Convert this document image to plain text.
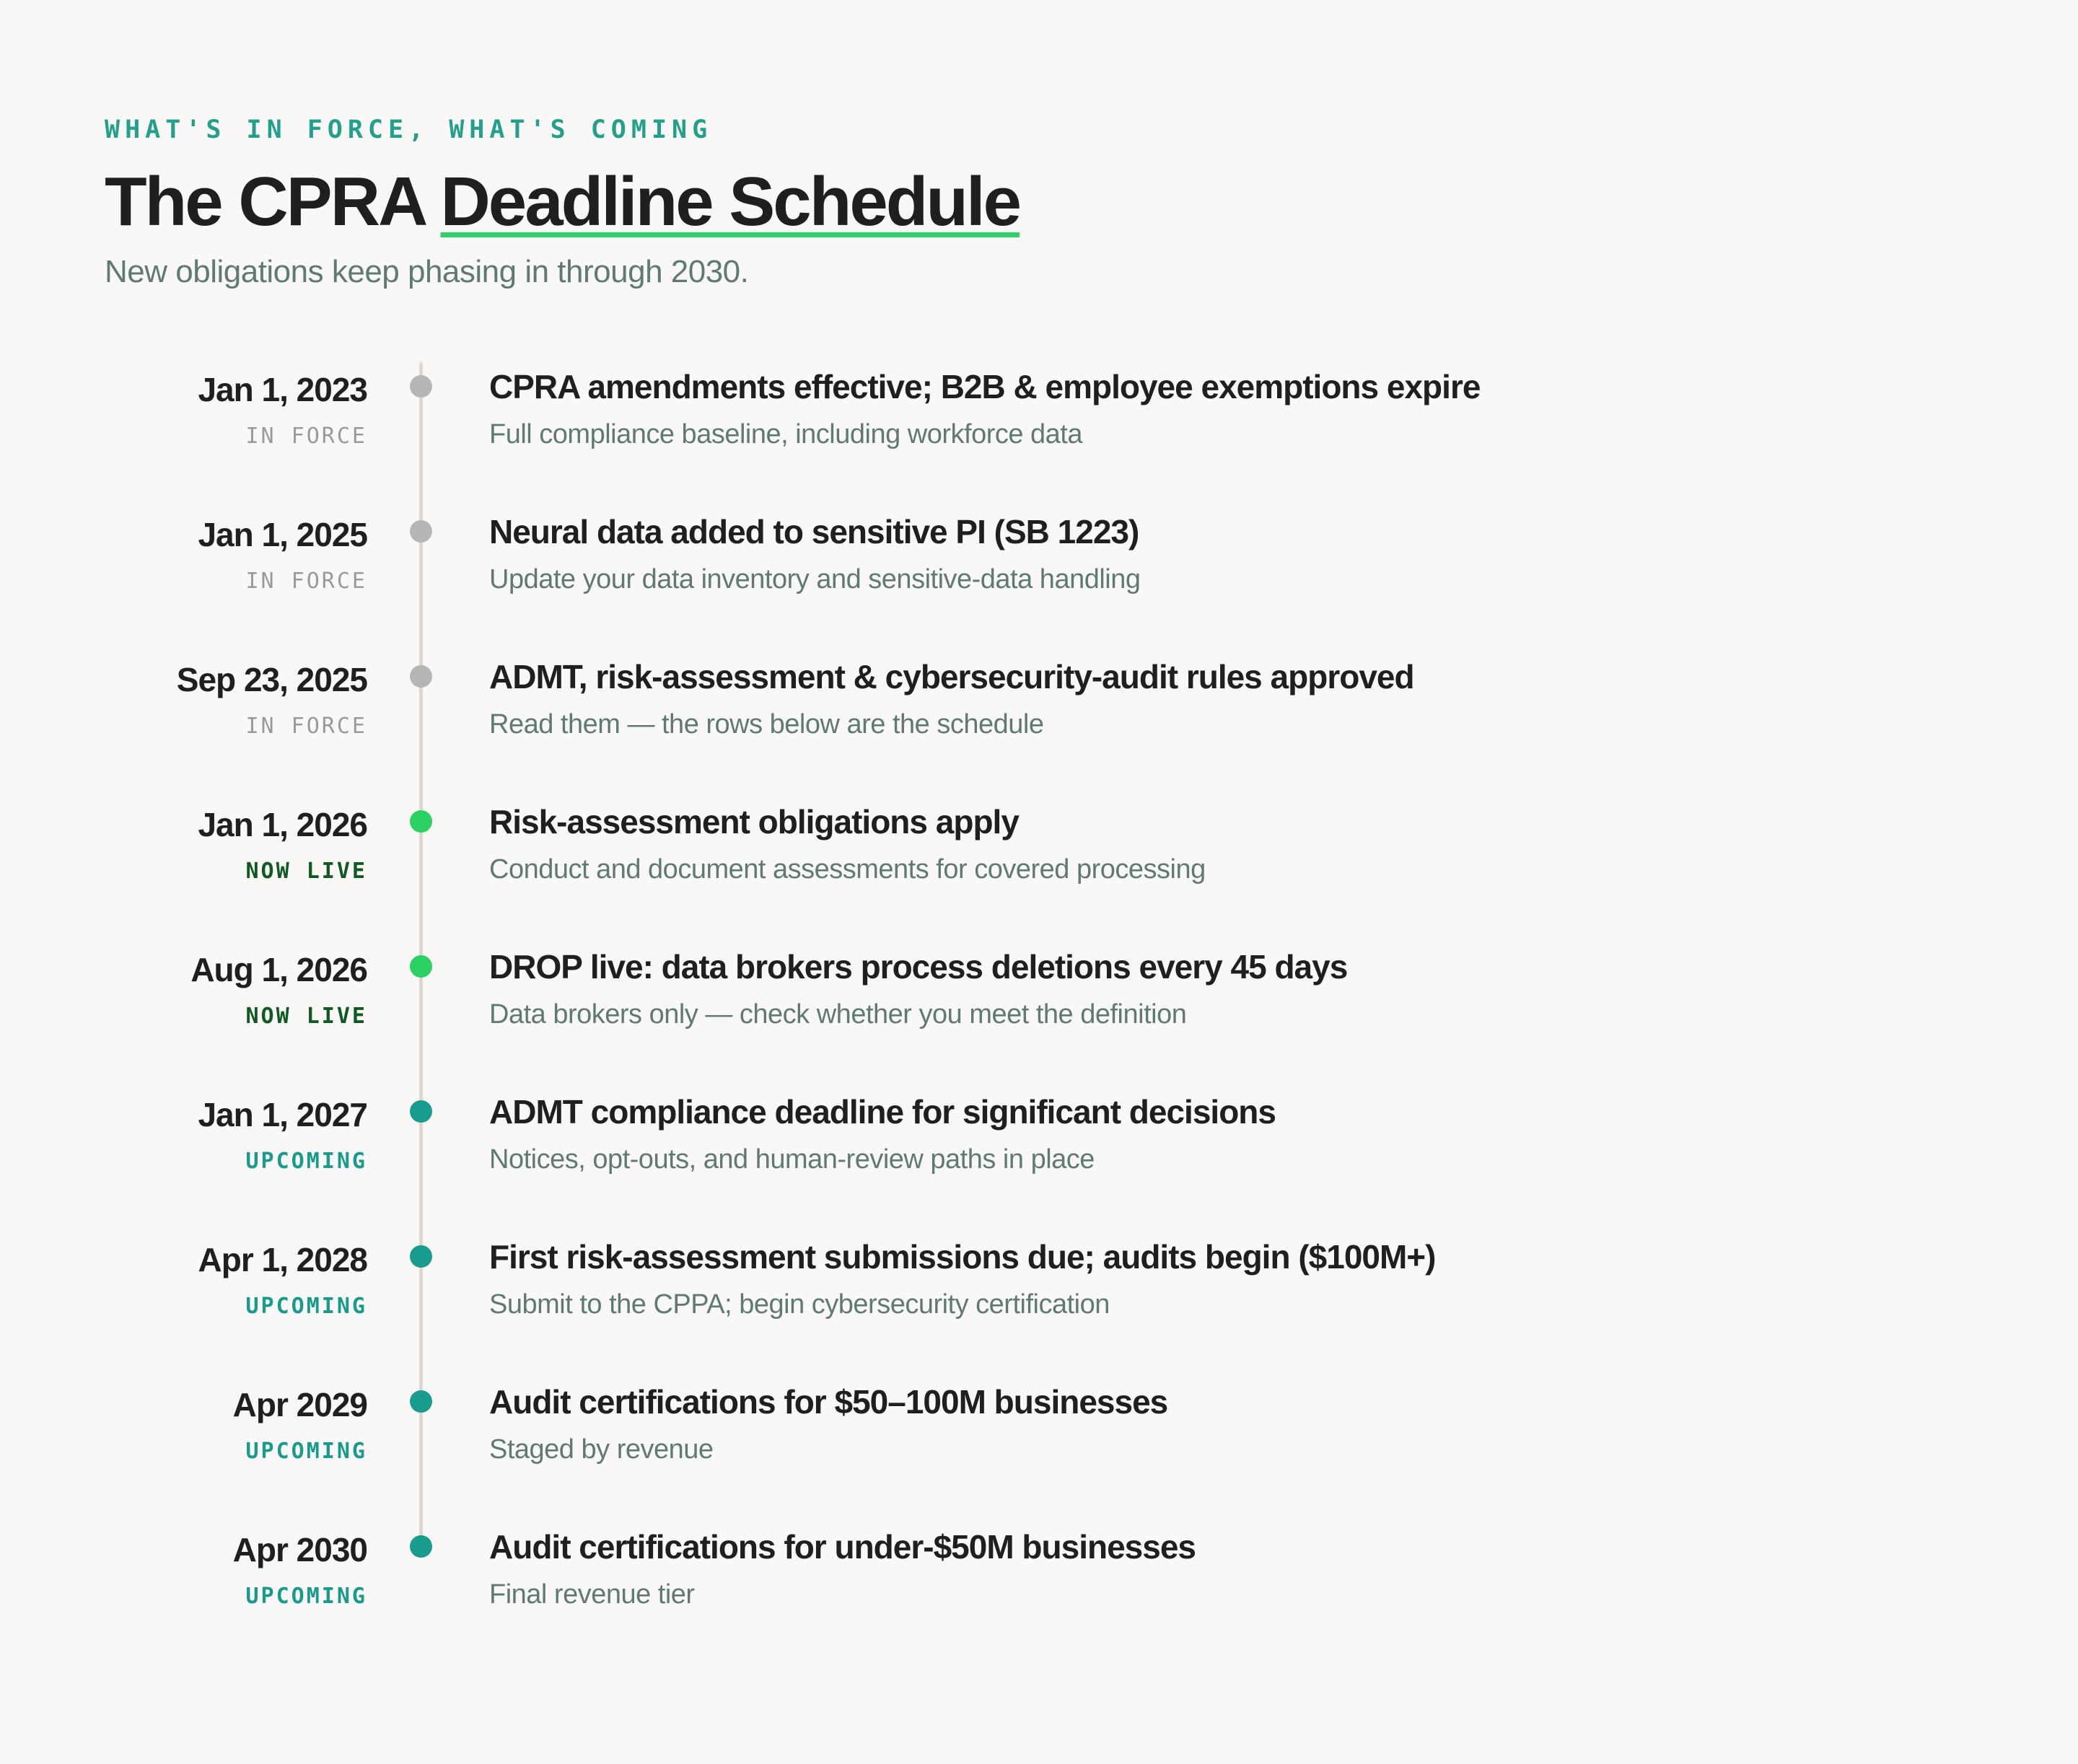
WHAT'S IN FORCE, WHAT'S COMING

The CPRA Deadline Schedule

New obligations keep phasing in through 2030.

Jan 1, 2023
IN FORCE
CPRA amendments effective; B2B & employee exemptions expire
Full compliance baseline, including workforce data
Jan 1, 2025
IN FORCE
Neural data added to sensitive PI (SB 1223)
Update your data inventory and sensitive-data handling
Sep 23, 2025
IN FORCE
ADMT, risk-assessment & cybersecurity-audit rules approved
Read them — the rows below are the schedule
Jan 1, 2026
NOW LIVE
Risk-assessment obligations apply
Conduct and document assessments for covered processing
Aug 1, 2026
NOW LIVE
DROP live: data brokers process deletions every 45 days
Data brokers only — check whether you meet the definition
Jan 1, 2027
UPCOMING
ADMT compliance deadline for significant decisions
Notices, opt-outs, and human-review paths in place
Apr 1, 2028
UPCOMING
First risk-assessment submissions due; audits begin ($100M+)
Submit to the CPPA; begin cybersecurity certification
Apr 2029
UPCOMING
Audit certifications for $50–100M businesses
Staged by revenue
Apr 2030
UPCOMING
Audit certifications for under-$50M businesses
Final revenue tier
